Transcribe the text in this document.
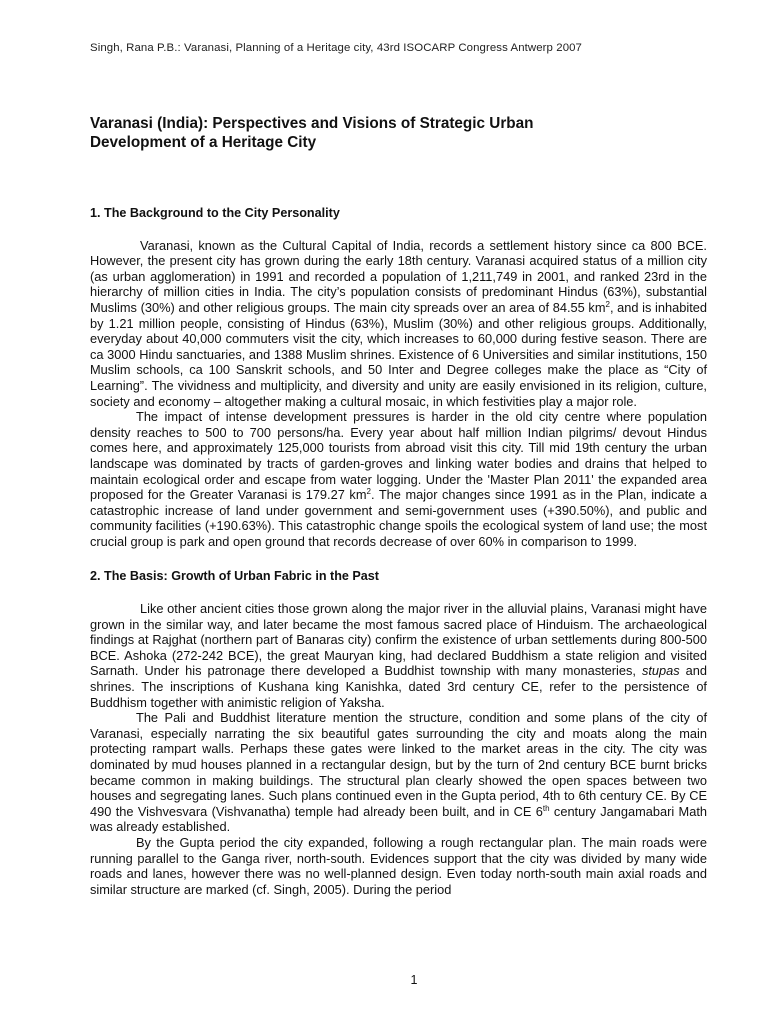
Singh, Rana P.B.: Varanasi, Planning of a Heritage city, 43rd ISOCARP Congress Antwerp 2007
Varanasi (India): Perspectives and Visions of Strategic Urban
Development of a Heritage City
1. The Background to the City Personality

Varanasi, known as the Cultural Capital of India, records a settlement history since ca 800 BCE. However, the present city has grown during the early 18th century. Varanasi acquired status of a million city (as urban agglomeration) in 1991 and recorded a population of 1,211,749 in 2001, and ranked 23rd in the hierarchy of million cities in India. The city’s population consists of predominant Hindus (63%), substantial Muslims (30%) and other religious groups. The main city spreads over an area of 84.55 $km^2$, and is inhabited by 1.21 million people, consisting of Hindus (63%), Muslim (30%) and other religious groups. Additionally, everyday about 40,000 commuters visit the city, which increases to 60,000 during festive season. There are ca 3000 Hindu sanctuaries, and 1388 Muslim shrines. Existence of 6 Universities and similar institutions, 150 Muslim schools, ca 100 Sanskrit schools, and 50 Inter and Degree colleges make the place as “City of Learning”. The vividness and multiplicity, and diversity and unity are easily envisioned in its religion, culture, society and economy – altogether making a cultural mosaic, in which festivities play a major role.

The impact of intense development pressures is harder in the old city centre where population density reaches to 500 to 700 persons/ha. Every year about half million Indian pilgrims/ devout Hindus comes here, and approximately 125,000 tourists from abroad visit this city. Till mid 19th century the urban landscape was dominated by tracts of garden-groves and linking water bodies and drains that helped to maintain ecological order and escape from water logging. Under the 'Master Plan 2011' the expanded area proposed for the Greater Varanasi is 179.27 $km^2$. The major changes since 1991 as in the Plan, indicate a catastrophic increase of land under government and semi-government uses (+390.50%), and public and community facilities (+190.63%). This catastrophic change spoils the ecological system of land use; the most crucial group is park and open ground that records decrease of over 60% in comparison to 1999.

2. The Basis: Growth of Urban Fabric in the Past

Like other ancient cities those grown along the major river in the alluvial plains, Varanasi might have grown in the similar way, and later became the most famous sacred place of Hinduism. The archaeological findings at Rajghat (northern part of Banaras city) confirm the existence of urban settlements during 800-500 BCE. Ashoka (272-242 BCE), the great Mauryan king, had declared Buddhism a state religion and visited Sarnath. Under his patronage there developed a Buddhist township with many monasteries, stupas and shrines. The inscriptions of Kushana king Kanishka, dated 3rd century CE, refer to the persistence of Buddhism together with animistic religion of Yaksha.

The Pali and Buddhist literature mention the structure, condition and some plans of the city of Varanasi, especially narrating the six beautiful gates surrounding the city and moats along the main protecting rampart walls. Perhaps these gates were linked to the market areas in the city. The city was dominated by mud houses planned in a rectangular design, but by the turn of 2nd century BCE burnt bricks became common in making buildings. The structural plan clearly showed the open spaces between two houses and segregating lanes. Such plans continued even in the Gupta period, 4th to 6th century CE. By CE 490 the Vishvesvara (Vishvanatha) temple had already been built, and in CE 6th century Jangamabari Math was already established.

By the Gupta period the city expanded, following a rough rectangular plan. The main roads were running parallel to the Ganga river, north-south. Evidences support that the city was divided by many wide roads and lanes, however there was no well-planned design. Even today north-south main axial roads and similar structure are marked (cf. Singh, 2005). During the period

1
